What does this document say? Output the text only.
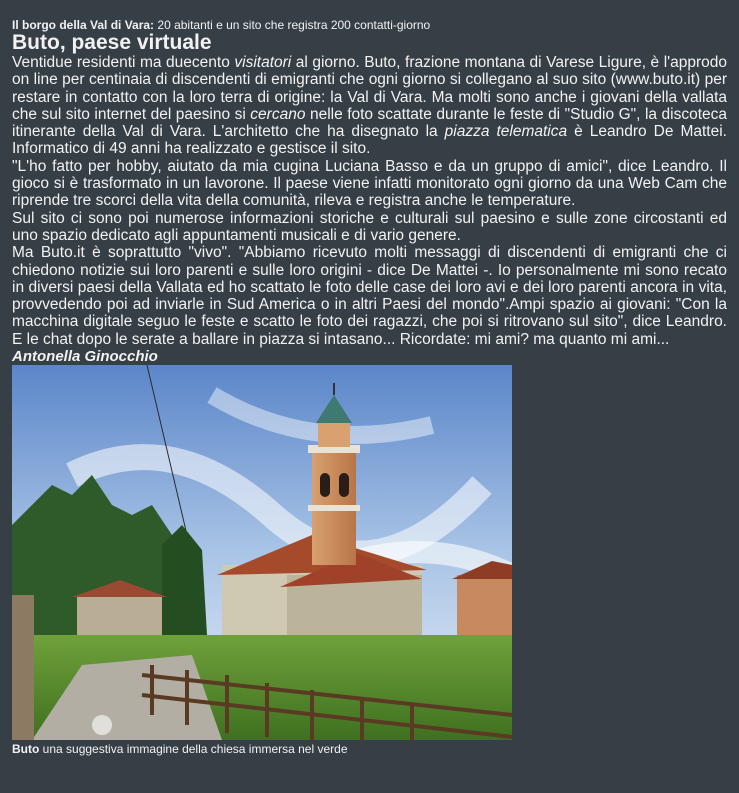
Il borgo della Val di Vara: 20 abitanti e un sito che registra 200 contatti-giorno

Buto, paese virtuale

Ventidue residenti ma duecento visitatori al giorno. Buto, frazione montana di Varese Ligure, è l'approdo on line per centinaia di discendenti di emigranti che ogni giorno si collegano al suo sito (www.buto.it) per restare in contatto con la loro terra di origine: la Val di Vara. Ma molti sono anche i giovani della vallata che sul sito internet del paesino si cercano nelle foto scattate durante le feste di "Studio G", la discoteca itinerante della Val di Vara. L'architetto che ha disegnato la piazza telematica è Leandro De Mattei. Informatico di 49 anni ha realizzato e gestisce il sito.

"L'ho fatto per hobby, aiutato da mia cugina Luciana Basso e da un gruppo di amici", dice Leandro. Il gioco si è trasformato in un lavorone. Il paese viene infatti monitorato ogni giorno da una Web Cam che riprende tre scorci della vita della comunità, rileva e registra anche le temperature.

Sul sito ci sono poi numerose informazioni storiche e culturali sul paesino e sulle zone circostanti ed uno spazio dedicato agli appuntamenti musicali e di vario genere.

Ma Buto.it è soprattutto "vivo". "Abbiamo ricevuto molti messaggi di discendenti di emigranti che ci chiedono notizie sui loro parenti e sulle loro origini - dice De Mattei -. Io personalmente mi sono recato in diversi paesi della Vallata ed ho scattato le foto delle case dei loro avi e dei loro parenti ancora in vita, provvedendo poi ad inviarle in Sud America o in altri Paesi del mondo".Ampi spazio ai giovani: "Con la macchina digitale seguo le feste e scatto le foto dei ragazzi, che poi si ritrovano sul sito", dice Leandro. E le chat dopo le serate a ballare in piazza si intasano... Ricordate: mi ami? ma quanto mi ami...

Antonella Ginocchio

Buto una suggestiva immagine della chiesa immersa nel verde
